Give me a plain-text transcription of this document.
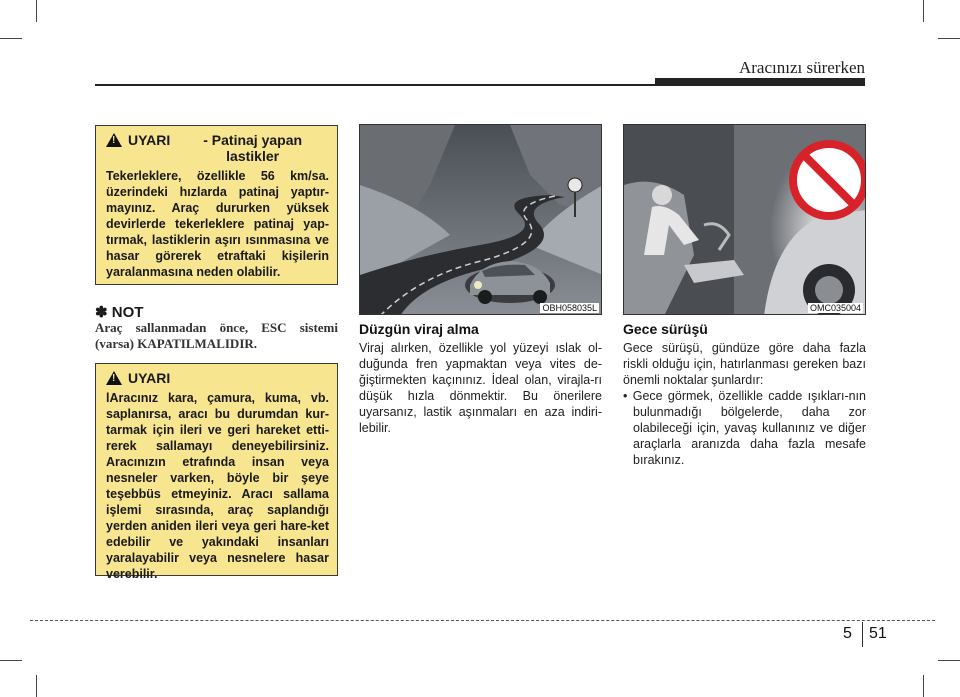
Aracınızı sürerken
!
UYARI	- Patinaj yapan lastikler
Tekerleklere, özellikle 56 km/sa. üzerindeki hızlarda patinaj yaptır-mayınız. Araç dururken yüksek devirlerde tekerleklere patinaj yap-tırmak, lastiklerin aşırı ısınmasına ve hasar görerek etraftaki kişilerin yaralanmasına neden olabilir.
✽ NOT
Araç sallanmadan önce, ESC sistemi (varsa) KAPATILMALIDIR.
!
UYARI
lAracınız kara, çamura, kuma, vb. saplanırsa, aracı bu durumdan kur-tarmak için ileri ve geri hareket etti-rerek sallamayı deneyebilirsiniz. Aracınızın etrafında insan veya nesneler varken, böyle bir şeye teşebbüs etmeyiniz. Aracı sallama işlemi sırasında, araç saplandığı yerden aniden ileri veya geri hare-ket edebilir ve yakındaki insanları yaralayabilir veya nesnelere hasar verebilir.
OBH058035L	OMC035004
Düzgün viraj alma
Viraj alırken, özellikle yol yüzeyi ıslak ol-duğunda fren yapmaktan veya vites de-ğiştirmekten kaçınınız. İdeal olan, virajla-rı düşük hızla dönmektir. Bu önerilere uyarsanız, lastik aşınmaları en aza indiri-lebilir.
Gece sürüşü
Gece sürüşü, gündüze göre daha fazla riskli olduğu için, hatırlanması gereken bazı önemli noktalar şunlardır:
• Gece görmek, özellikle cadde ışıkları-nın bulunmadığı bölgelerde, daha zor olabileceği için, yavaş kullanınız ve diğer araçlarla aranızda daha fazla mesafe bırakınız.
5 51
